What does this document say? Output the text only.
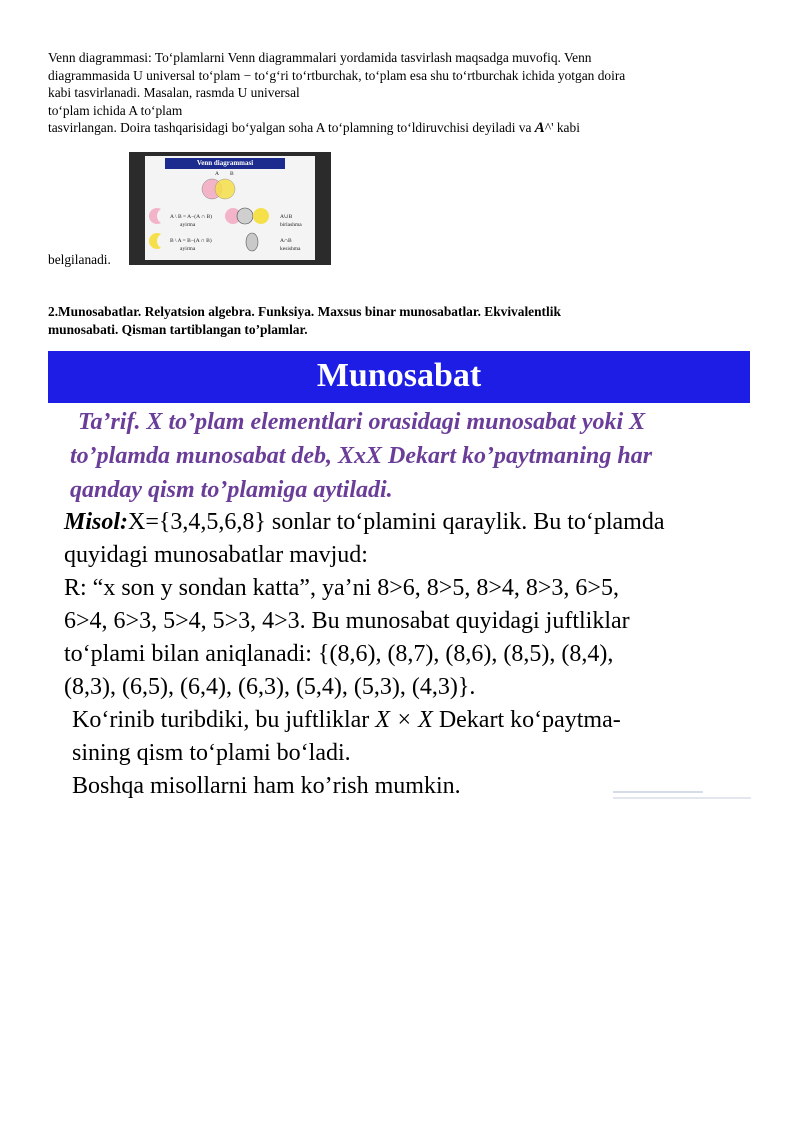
Venn diagrammasi: To‘plamlarni Venn diagrammalari yordamida tasvirlash maqsadga muvofiq. Venn
diagrammasida U universal to‘plam − to‘g‘ri to‘rtburchak, to‘plam esa shu to‘rtburchak ichida yotgan doira
kabi tasvirlanadi. Masalan, rasmda U universal
to‘plam ichida A to‘plam
tasvirlangan. Doira tashqarisidagi bo‘yalgan soha A to‘plamning to‘ldiruvchisi deyiladi va A^' kabi
Venn diagrammasi
A B
A \ B = A−(A ∩ B)
ayirma
B \ A = B−(A ∩ B)
ayirma
A∪B
birlashma
A∩B
kesishma
belgilanadi.
2.Munosabatlar. Relyatsion algebra. Funksiya. Maxsus binar munosabatlar. Ekvivalentlik
munosabati. Qisman tartiblangan to’plamlar.
Munosabat
Ta’rif. X to’plam elementlari orasidagi munosabat yoki X
to’plamda munosabat deb, XxX Dekart ko’paytmaning har
qanday qism to’plamiga aytiladi.
Misol:X={3,4,5,6,8} sonlar to‘plamini qaraylik. Bu to‘plamda
quyidagi munosabatlar mavjud:
R: “x son y sondan katta”, ya’ni 8>6, 8>5, 8>4, 8>3, 6>5,
6>4, 6>3, 5>4, 5>3, 4>3. Bu munosabat quyidagi juftliklar
to‘plami bilan aniqlanadi: {(8,6), (8,7), (8,6), (8,5), (8,4),
(8,3), (6,5), (6,4), (6,3), (5,4), (5,3), (4,3)}.
Ko‘rinib turibdiki, bu juftliklar X × X Dekart ko‘paytma-
sining qism to‘plami bo‘ladi.
Boshqa misollarni ham ko’rish mumkin.
